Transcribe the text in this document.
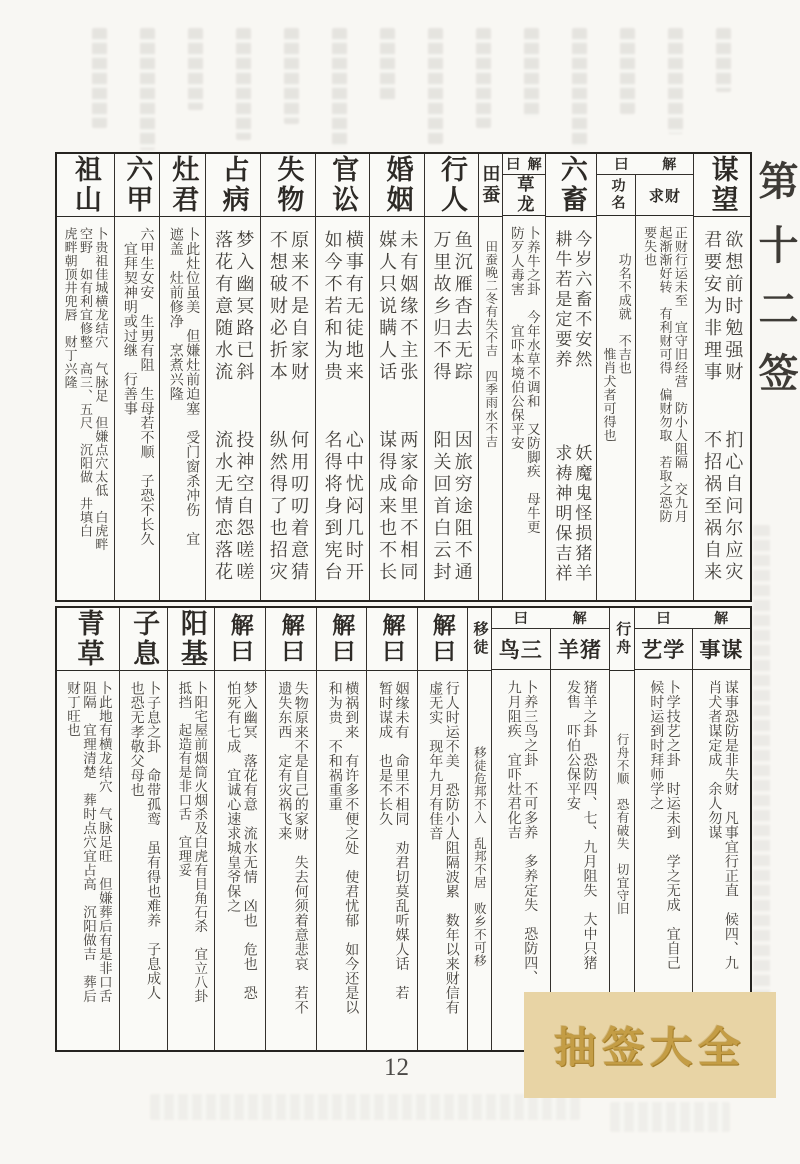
谋望
欲想前时勉强财
君要安为非理事
扪心自问尔应灾
不招祸至祸自来
解
曰
财
求
正财行运未至　宜守旧经营　防小人阻隔　交九月
起渐渐好转　有利财可得　偏财勿取　若取之恐防
要失也
功名
　　功名不成就　不吉也
　　　　　　　　　惟肖犬者可得也
六畜
今岁六畜不安然
耕牛若是定要养
妖魔鬼怪损猪羊
求祷神明保吉祥
解
曰
草龙
卜养牛之卦　今年水草不调和　又防脚疾　母牛更
防歹人毒害　　宜吓本境伯公保平安
田蚕
　田蚕晚二冬有失不吉　四季雨水不吉
行人
鱼沉雁杳去无踪
万里故乡归不得
因旅穷途阻不通
阳关回首白云封
婚姻
未有姻缘不主张
媒人只说瞒人话
两家命里不相同
谋得成来也不长
官讼
横事有无徒地来
如今不若和为贵
心中忧闷几时开
名得将身到宪台
失物
原来不是自家财
不想破财必折本
何用叨叨着意猜
纵然得了也招灾
占病
梦入幽冥路已斜
落花有意随水流
投神空自怨嗟嗟
流水无情恋落花
灶君
卜此灶位虽美　但嫌灶前迫塞　受门窗杀冲伤　宜
遮盖　灶前修净　烹煮兴隆
六甲
六甲生女安　生男有阻　生母若不顺　子恐不长久
　宜拜契神明或过继　行善事
祖山
卜贵祖佳城横龙结穴　气脉足　但嫌点穴太低　白虎畔
空野　如有利宜修整　高三、五尺　沉阳做　井填白
虎畔朝顶井兜唇　财丁兴隆
解
曰
谋
事
谋事恐防是非失财　凡事宜行正直　候四、九
肖犬者谋定成　余人勿谋
学
艺
卜学技艺之卦　时运未到　学之无成　宜自己
候时运到时拜师学之
行舟
　　　　行舟不顺　恐有破失　切宜守旧
解
曰
猪
羊
猪羊之卦　恐防四、七、九月阻失　大中只猪
发售　吓伯公保平安
三
鸟
卜养三鸟之卦　不可多养　多养定失　恐防四、
九月阻疾　宜吓灶君化吉
移徒
　　　　　移徒危邦不入　乱邦不居　败乡不可移
解曰
行人时运不美　恐防小人阻隔波累　数年以来财信有
虚无实　现年九月有佳音
解曰
姻缘未有　命里不相同　劝君切莫乱听媒人话　若
暂时谋成　也是不长久
解曰
横祸到来　有许多不便之处　使君忧郁　如今还是以
和为贵　不和祸重重
解曰
失物原来不是自己的家财　失去何须着意悲哀　若不
遗失东西　定有灾祸飞来
解曰
梦入幽冥　落花有意　流水无情　凶也　危也　恐
怕死有七成　宜诚心速求城皇爷保之
阳基
卜阳宅屋前烟筒火烟杀及白虎有目角石杀　宜立八卦
抵挡　起造有是非口舌　宜理妥
子息
卜子息之卦　命带孤鸾　虽有得也难养　子息成人
也恐无孝敬父母也
青草
卜此地有横龙结穴　气脉足旺　但嫌葬后有是非口舌
阻隔　宜理清楚　葬时点穴宜占高　沉阳做吉　葬后
财丁旺也
第十二签
抽签大全
12
